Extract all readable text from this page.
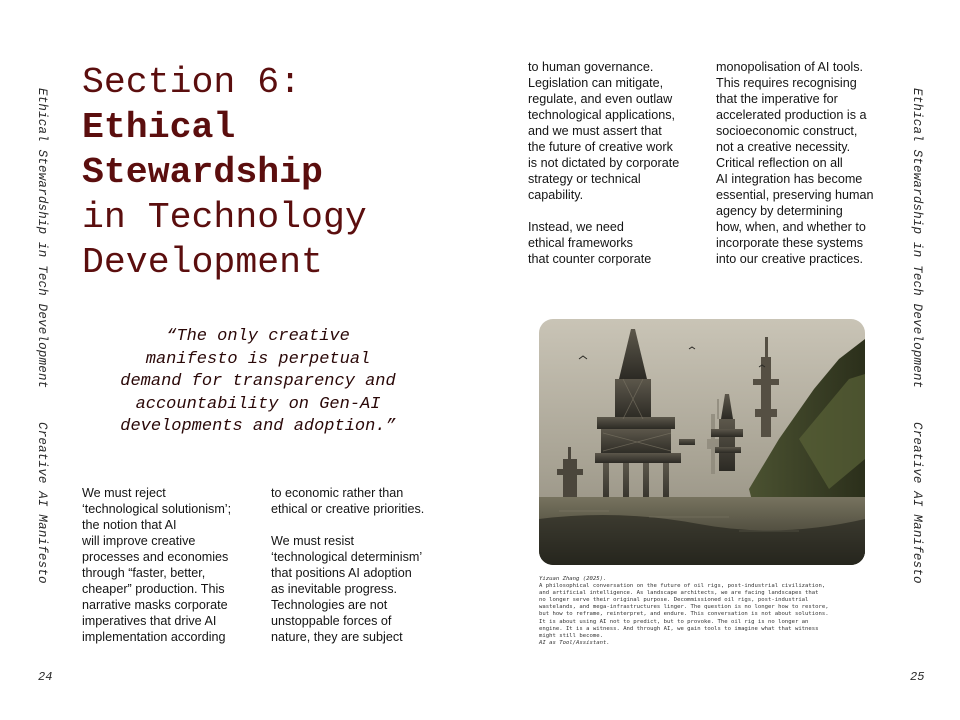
Ethical Stewardship in Tech Development
Creative AI Manifesto
24
Section 6:
Ethical
Stewardship
in Technology
Development
“The only creative
manifesto is perpetual
demand for transparency and
accountability on Gen-AI
developments and adoption.”
We must reject
‘technological solutionism’;
the notion that AI
will improve creative
processes and economies
through “faster, better,
cheaper” production. This
narrative masks corporate
imperatives that drive AI
implementation according
to economic rather than
ethical or creative priorities.
We must resist
‘technological determinism’
that positions AI adoption
as inevitable progress.
Technologies are not
unstoppable forces of
nature, they are subject
Ethical Stewardship in Tech Development
Creative AI Manifesto
25
to human governance.
Legislation can mitigate,
regulate, and even outlaw
technological applications,
and we must assert that
the future of creative work
is not dictated by corporate
strategy or technical
capability.
Instead, we need
ethical frameworks
that counter corporate
monopolisation of AI tools.
This requires recognising
that the imperative for
accelerated production is a
socioeconomic construct,
not a creative necessity.
Critical reflection on all
AI integration has become
essential, preserving human
agency by determining
how, when, and whether to
incorporate these systems
into our creative practices.
Yizuan Zhang (2025).
A philosophical conversation on the future of oil rigs, post-industrial civilization,
and artificial intelligence. As landscape architects, we are facing landscapes that
no longer serve their original purpose. Decommissioned oil rigs, post-industrial
wastelands, and mega-infrastructures linger. The question is no longer how to restore,
but how to reframe, reinterpret, and endure. This conversation is not about solutions.
It is about using AI not to predict, but to provoke. The oil rig is no longer an
engine. It is a witness. And through AI, we gain tools to imagine what that witness
might still become.
AI as Tool/Assistant.
